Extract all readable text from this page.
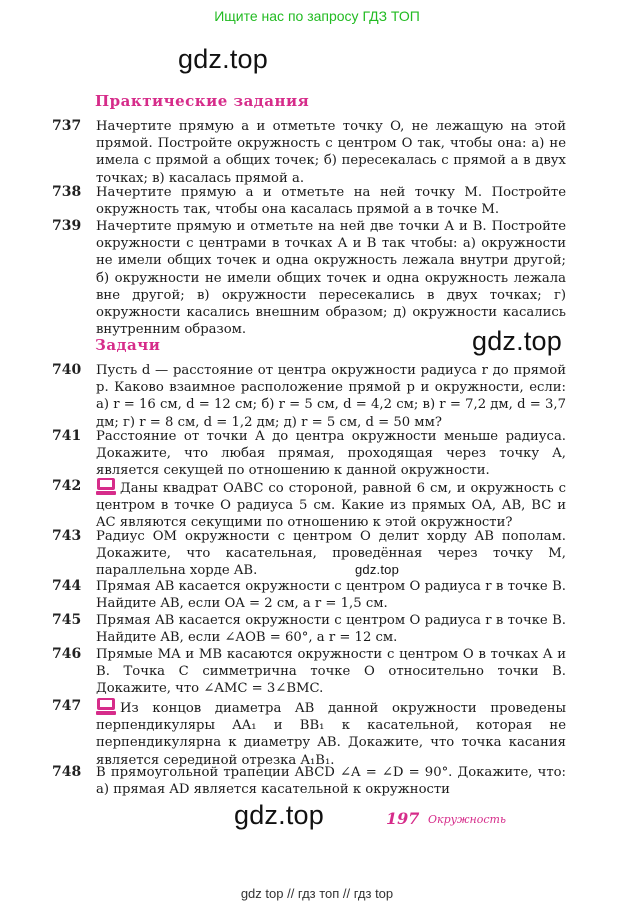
Ищите нас по запросу ГДЗ ТОП
gdz.top
Практические задания
737 Начертите прямую a и отметьте точку O, не лежащую на этой прямой. Постройте окружность с центром O так, чтобы она: а) не имела с прямой a общих точек; б) пересекалась с прямой a в двух точках; в) касалась прямой a.
738 Начертите прямую a и отметьте на ней точку M. Постройте окружность так, чтобы она касалась прямой a в точке M.
739 Начертите прямую и отметьте на ней две точки A и B. Постройте окружности с центрами в точках A и B так чтобы: а) окружности не имели общих точек и одна окружность лежала внутри другой; б) окружности не имели общих точек и одна окружность лежала вне другой; в) окружности пересекались в двух точках; г) окружности касались внешним образом; д) окружности касались внутренним образом.	gdz.top
Задачи
740 Пусть d — расстояние от центра окружности радиуса r до прямой p. Каково взаимное расположение прямой p и окружности, если: а) r = 16 см, d = 12 см; б) r = 5 см, d = 4,2 см; в) r = 7,2 дм, d = 3,7 дм; г) r = 8 см, d = 1,2 дм; д) r = 5 см, d = 50 мм?
741 Расстояние от точки A до центра окружности меньше радиуса. Докажите, что любая прямая, проходящая через точку A, является секущей по отношению к данной окружности.
742	Даны квадрат OABC со стороной, равной 6 см, и окружность с центром в точке O радиуса 5 см. Какие из прямых OA, AB, BC и AC являются секущими по отношению к этой окружности?
743 Радиус OM окружности с центром O делит хорду AB пополам. Докажите, что касательная, проведённая через точку M, параллельна хорде AB.	gdz.top
744 Прямая AB касается окружности с центром O радиуса r в точке B. Найдите AB, если OA = 2 см, а r = 1,5 см.
745 Прямая AB касается окружности с центром O радиуса r в точке B. Найдите AB, если ∠AOB = 60°, а r = 12 см.
746 Прямые MA и MB касаются окружности с центром O в точках A и B. Точка C симметрична точке O относительно точки B. Докажите, что ∠AMC = 3∠BMC.
747	Из концов диаметра AB данной окружности проведены перпендикуляры AA₁ и BB₁ к касательной, которая не перпендикулярна к диаметру AB. Докажите, что точка касания является серединой отрезка A₁B₁.
748 В прямоугольной трапеции ABCD ∠A = ∠D = 90°. Докажите, что: а) прямая AD является касательной к окружности
gdz.top	197 Окружность
gdz top // гдз топ // гдз top
